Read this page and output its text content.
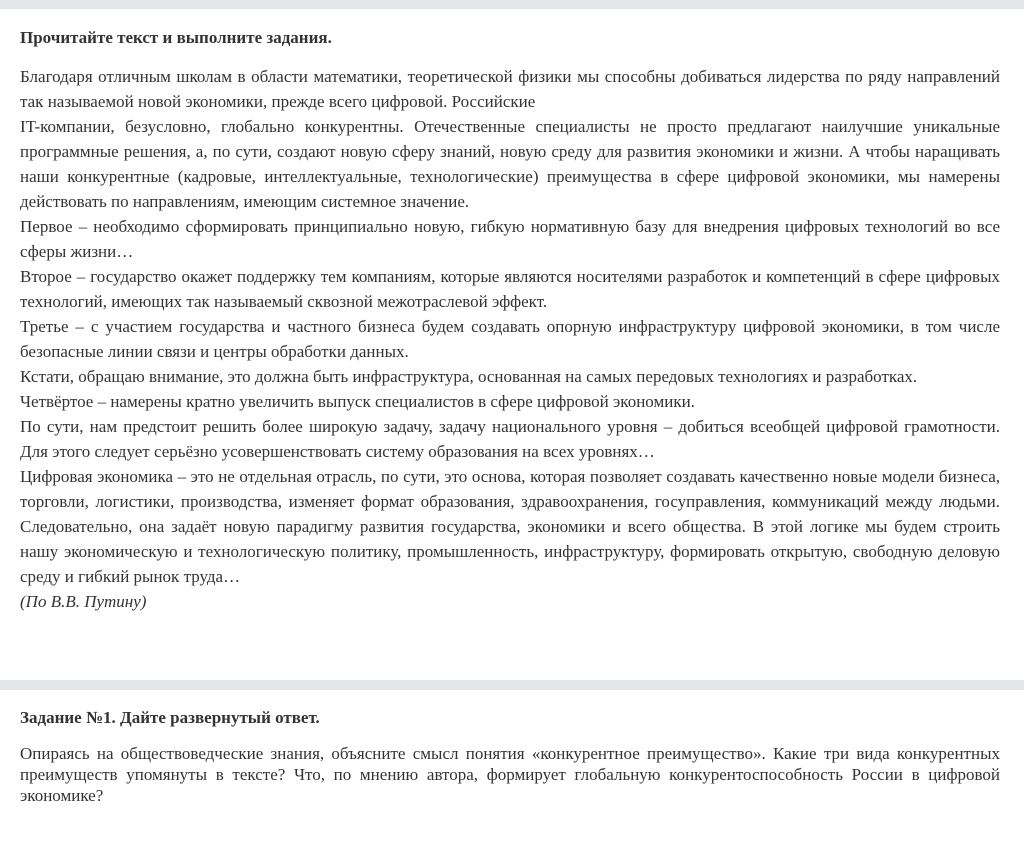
Прочитайте текст и выполните задания.

Благодаря отличным школам в области математики, теоретической физики мы способны добиваться лидерства по ряду направлений так называемой новой экономики, прежде всего цифровой. Российские

IT-компании, безусловно, глобально конкурентны. Отечественные специалисты не просто предлагают наилучшие уникальные программные решения, а, по сути, создают новую сферу знаний, новую среду для развития экономики и жизни. А чтобы наращивать наши конкурентные (кадровые, интеллектуальные, технологические) преимущества в сфере цифровой экономики, мы намерены действовать по направлениям, имеющим системное значение.

Первое – необходимо сформировать принципиально новую, гибкую нормативную базу для внедрения цифровых технологий во все сферы жизни…

Второе – государство окажет поддержку тем компаниям, которые являются носителями разработок и компетенций в сфере цифровых технологий, имеющих так называемый сквозной межотраслевой эффект.

Третье – с участием государства и частного бизнеса будем создавать опорную инфраструктуру цифровой экономики, в том числе безопасные линии связи и центры обработки данных.

Кстати, обращаю внимание, это должна быть инфраструктура, основанная на самых передовых технологиях и разработках.

Четвёртое – намерены кратно увеличить выпуск специалистов в сфере цифровой экономики.

По сути, нам предстоит решить более широкую задачу, задачу национального уровня – добиться всеобщей цифровой грамотности. Для этого следует серьёзно усовершенствовать систему образования на всех уровнях…

Цифровая экономика – это не отдельная отрасль, по сути, это основа, которая позволяет создавать качественно новые модели бизнеса, торговли, логистики, производства, изменяет формат образования, здравоохранения, госуправления, коммуникаций между людьми. Следовательно, она задаёт новую парадигму развития государства, экономики и всего общества. В этой логике мы будем строить нашу экономическую и технологическую политику, промышленность, инфраструктуру, формировать открытую, свободную деловую среду и гибкий рынок труда…

(По В.В. Путину)
Задание №1. Дайте развернутый ответ.
Опираясь на обществоведческие знания, объясните смысл понятия «конкурентное преимущество». Какие три вида конкурентных преимуществ упомянуты в тексте? Что, по мнению автора, формирует глобальную конкурентоспособность России в цифровой экономике?
